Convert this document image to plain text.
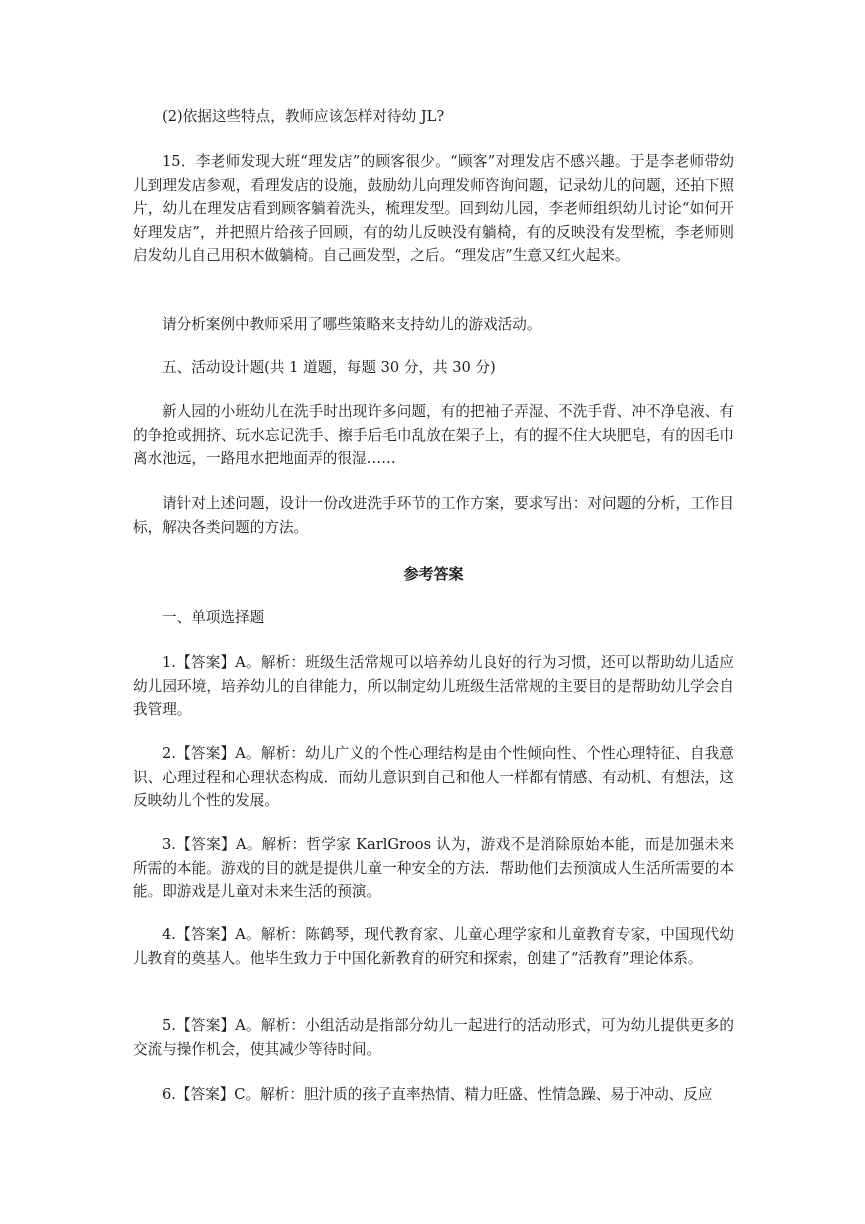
(2)依据这些特点，教师应该怎样对待幼 JL?

15．李老师发现大班“理发店”的顾客很少。“顾客”对理发店不感兴趣。于是李老师带幼儿到理发店参观，看理发店的设施，鼓励幼儿向理发师咨询问题，记录幼儿的问题，还拍下照片，幼儿在理发店看到顾客躺着洗头，梳理发型。回到幼儿园，李老师组织幼儿讨论“如何开好理发店”，并把照片给孩子回顾，有的幼儿反映没有躺椅，有的反映没有发型梳，李老师则启发幼儿自己用积木做躺椅。自己画发型，之后。“理发店”生意又红火起来。

请分析案例中教师采用了哪些策略来支持幼儿的游戏活动。

五、活动设计题(共 1 道题，每题 30 分，共 30 分)

新人园的小班幼儿在洗手时出现许多问题，有的把袖子弄湿、不洗手背、冲不净皂液、有的争抢或拥挤、玩水忘记洗手、擦手后毛巾乱放在架子上，有的握不住大块肥皂，有的因毛巾离水池远，一路甩水把地面弄的很湿……

请针对上述问题，设计一份改进洗手环节的工作方案，要求写出：对问题的分析，工作目标，解决各类问题的方法。

参考答案

一、单项选择题

1.【答案】A。解析：班级生活常规可以培养幼儿良好的行为习惯，还可以帮助幼儿适应幼儿园环境，培养幼儿的自律能力，所以制定幼儿班级生活常规的主要目的是帮助幼儿学会自我管理。

2.【答案】A。解析：幼儿广义的个性心理结构是由个性倾向性、个性心理特征、自我意识、心理过程和心理状态构成．而幼儿意识到自己和他人一样都有情感、有动机、有想法，这反映幼儿个性的发展。

3.【答案】A。解析：哲学家 KarlGroos 认为，游戏不是消除原始本能，而是加强未来所需的本能。游戏的目的就是提供儿童一种安全的方法．帮助他们去预演成人生活所需要的本能。即游戏是儿童对未来生活的预演。

4.【答案】A。解析：陈鹤琴，现代教育家、儿童心理学家和儿童教育专家，中国现代幼儿教育的奠基人。他毕生致力于中国化新教育的研究和探索，创建了“活教育”理论体系。

5.【答案】A。解析：小组活动是指部分幼儿一起进行的活动形式，可为幼儿提供更多的交流与操作机会，使其减少等待时间。

6.【答案】C。解析：胆汁质的孩子直率热情、精力旺盛、性情急躁、易于冲动、反应
